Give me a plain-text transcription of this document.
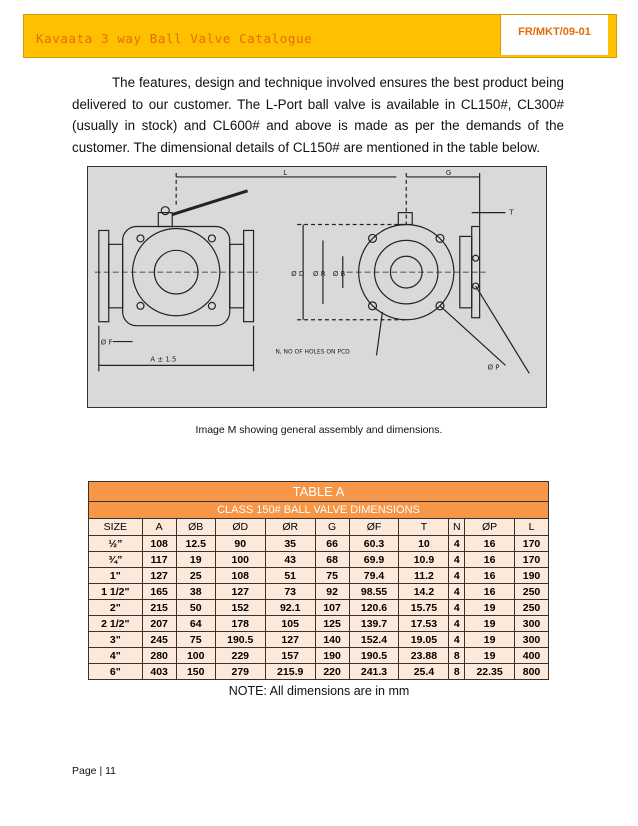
Kavaata 3 way Ball Valve Catalogue	FR/MKT/09-01

The features, design and technique involved ensures the best product being delivered to our customer. The L-Port ball valve is available in CL150#, CL300# (usually in stock) and CL600# and above is made as per the demands of the customer. The dimensional details of CL150# are mentioned in the table below.

L	G
T
Ø D Ø R Ø B
Ø F
A ± 1.5
N, NO OF HOLES ON PCD
Ø P
Image M showing general assembly and dimensions.
TABLE A										
CLASS 150# BALL VALVE DIMENSIONS										
SIZE	A	ØB	ØD	ØR	G	ØF	T	N	ØP	L
½”	108	12.5	90	35	66	60.3	10	4	16	170
¾”	117	19	100	43	68	69.9	10.9	4	16	170
1"	127	25	108	51	75	79.4	11.2	4	16	190
1 1/2"	165	38	127	73	92	98.55	14.2	4	16	250
2"	215	50	152	92.1	107	120.6	15.75	4	19	250
2 1/2"	207	64	178	105	125	139.7	17.53	4	19	300
3"	245	75	190.5	127	140	152.4	19.05	4	19	300
4"	280	100	229	157	190	190.5	23.88	8	19	400
6"	403	150	279	215.9	220	241.3	25.4	8	22.35	800
NOTE: All dimensions are in mm
Page | 11
